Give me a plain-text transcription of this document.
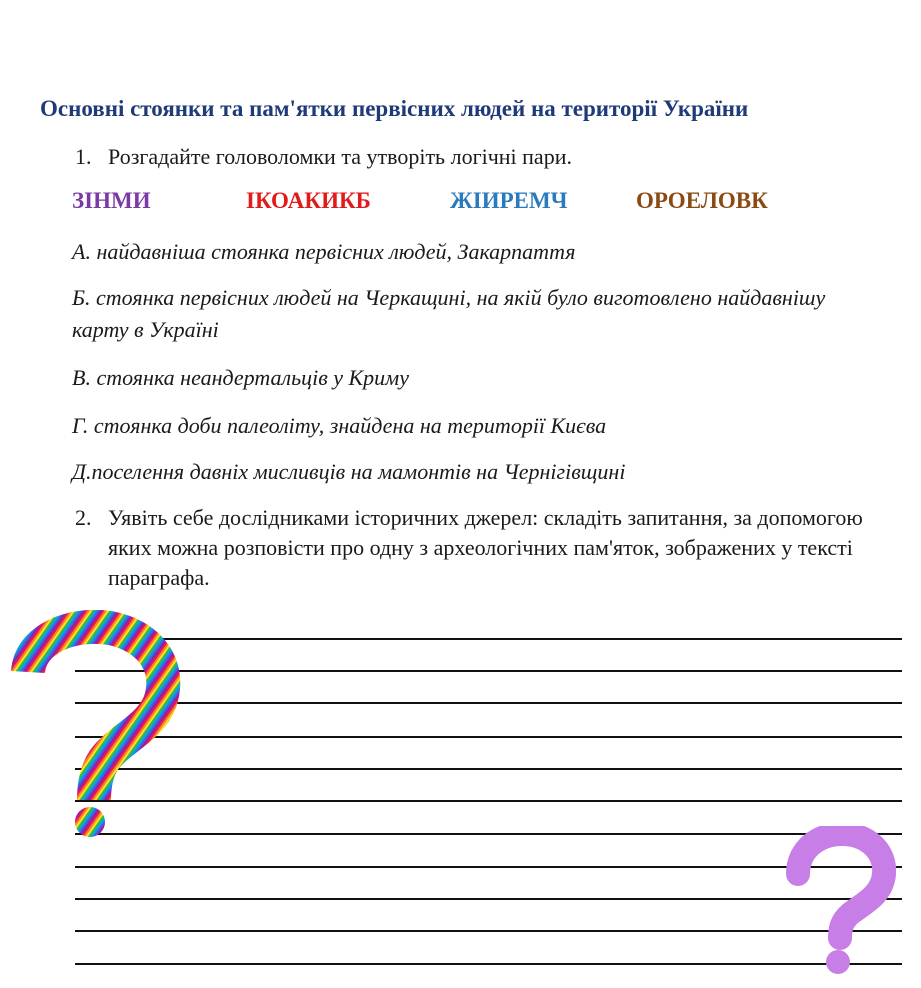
Основні стоянки та пам'ятки первісних людей на території України
1. Розгадайте головоломки та утворіть логічні пари.
ЗІНМИ	ІКОАКИКБ	ЖІИРЕМЧ	ОРОЕЛОВК
А. найдавніша стоянка первісних людей, Закарпаття
Б. стоянка первісних людей на Черкащині, на якій було виготовлено найдавнішу карту в Україні
В. стоянка неандертальців у Криму
Г. стоянка доби палеоліту, знайдена на території Києва
Д.поселення давніх мисливців на мамонтів на Чернігівщині
2. Уявіть себе дослідниками історичних джерел: складіть запитання, за допомогою яких можна розповісти про одну з археологічних пам'яток, зображених у тексті параграфа.
